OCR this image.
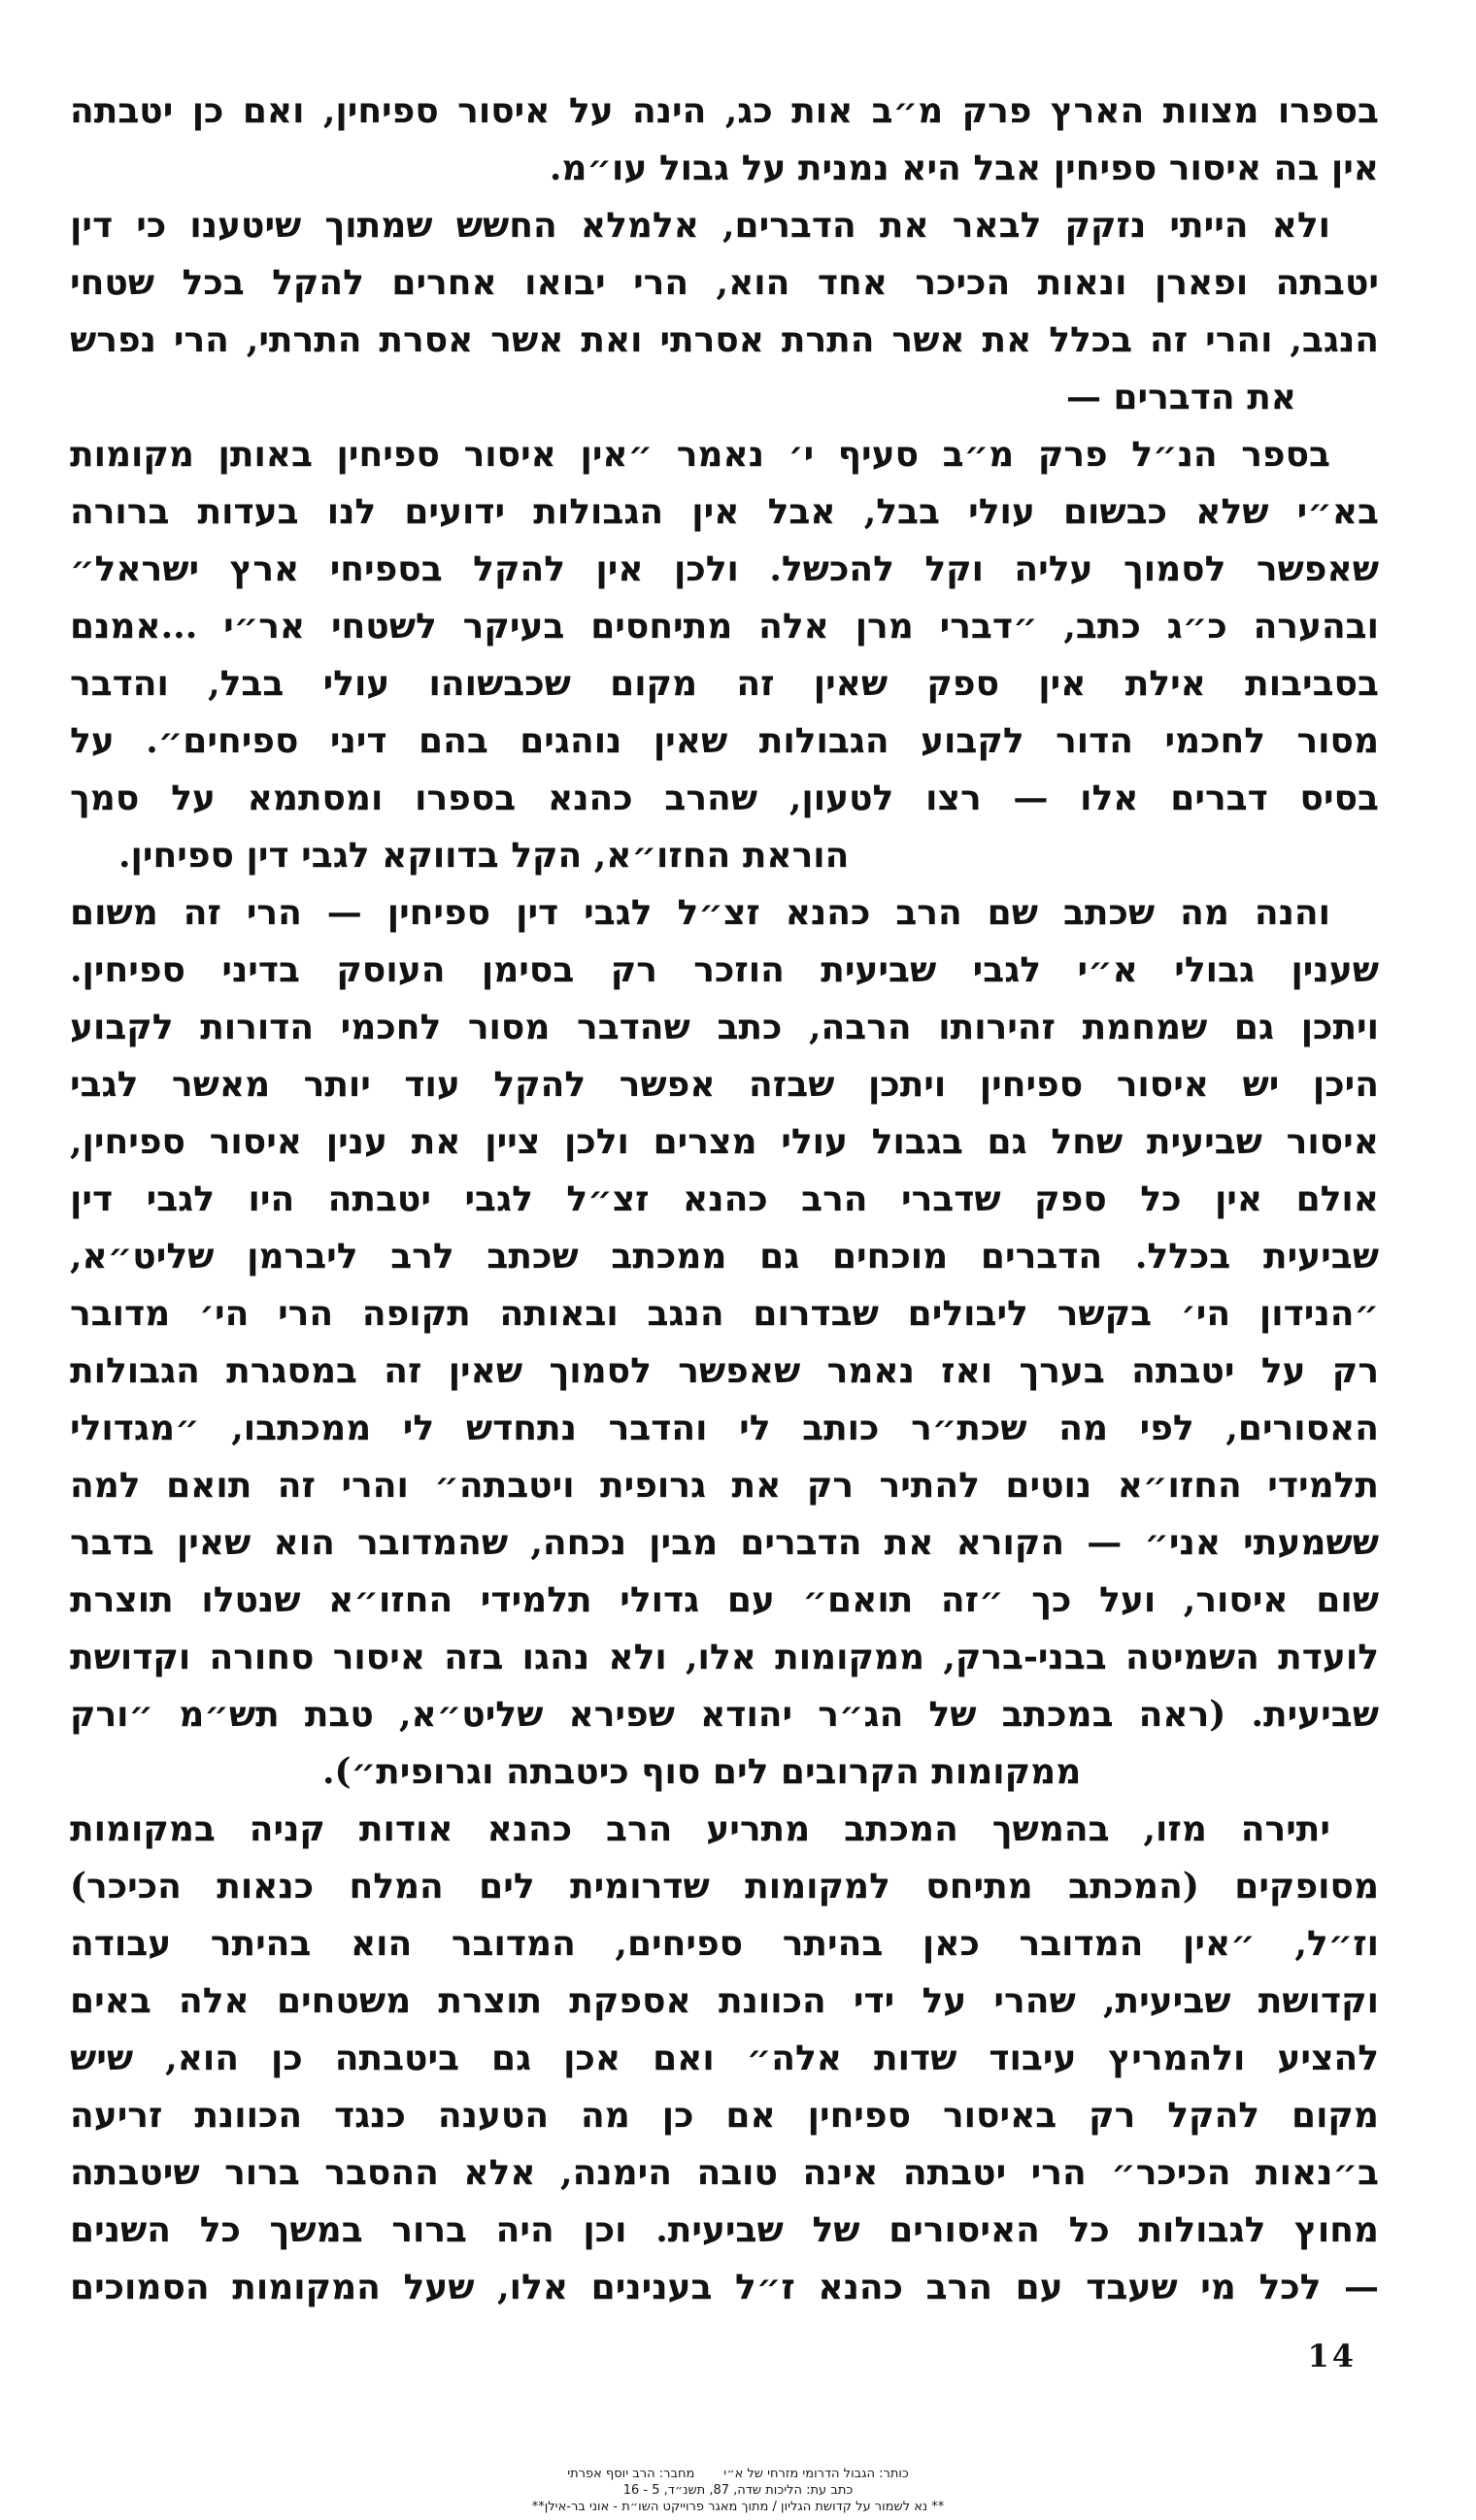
בספרו מצוות הארץ פרק מ״ב אות כג, הינה על איסור ספיחין, ואם כן יטבתה
אין בה איסור ספיחין אבל היא נמנית על גבול עו״מ.
ולא הייתי נזקק לבאר את הדברים, אלמלא החשש שמתוך שיטענו כי דין
יטבתה ופארן ונאות הכיכר אחד הוא, הרי יבואו אחרים להקל בכל שטחי
הנגב, והרי זה בכלל את אשר התרת אסרתי ואת אשר אסרת התרתי, הרי נפרש
את הדברים —
בספר הנ״ל פרק מ״ב סעיף י׳ נאמר ״אין איסור ספיחין באותן מקומות
בא״י שלא כבשום עולי בבל, אבל אין הגבולות ידועים לנו בעדות ברורה
שאפשר לסמוך עליה וקל להכשל. ולכן אין להקל בספיחי ארץ ישראל״
ובהערה כ״ג כתב, ״דברי מרן אלה מתיחסים בעיקר לשטחי אר״י ...אמנם
בסביבות אילת אין ספק שאין זה מקום שכבשוהו עולי בבל, והדבר
מסור לחכמי הדור לקבוע הגבולות שאין נוהגים בהם דיני ספיחים״. על
בסיס דברים אלו — רצו לטעון, שהרב כהנא בספרו ומסתמא על סמך
הוראת החזו״א, הקל בדווקא לגבי דין ספיחין.
והנה מה שכתב שם הרב כהנא זצ״ל לגבי דין ספיחין — הרי זה משום
שענין גבולי א״י לגבי שביעית הוזכר רק בסימן העוסק בדיני ספיחין.
ויתכן גם שמחמת זהירותו הרבה, כתב שהדבר מסור לחכמי הדורות לקבוע
היכן יש איסור ספיחין ויתכן שבזה אפשר להקל עוד יותר מאשר לגבי
איסור שביעית שחל גם בגבול עולי מצרים ולכן ציין את ענין איסור ספיחין,
אולם אין כל ספק שדברי הרב כהנא זצ״ל לגבי יטבתה היו לגבי דין
שביעית בכלל. הדברים מוכחים גם ממכתב שכתב לרב ליברמן שליט״א,
״הנידון הי׳ בקשר ליבולים שבדרום הנגב ובאותה תקופה הרי הי׳ מדובר
רק על יטבתה בערך ואז נאמר שאפשר לסמוך שאין זה במסגרת הגבולות
האסורים, לפי מה שכת״ר כותב לי והדבר נתחדש לי ממכתבו, ״מגדולי
תלמידי החזו״א נוטים להתיר רק את גרופית ויטבתה״ והרי זה תואם למה
ששמעתי אני״ — הקורא את הדברים מבין נכחה, שהמדובר הוא שאין בדבר
שום איסור, ועל כך ״זה תואם״ עם גדולי תלמידי החזו״א שנטלו תוצרת
לועדת השמיטה בבני-ברק, ממקומות אלו, ולא נהגו בזה איסור סחורה וקדושת
שביעית. (ראה במכתב של הג״ר יהודא שפירא שליט״א, טבת תש״מ ״ורק
ממקומות הקרובים לים סוף כיטבתה וגרופית״).
יתירה מזו, בהמשך המכתב מתריע הרב כהנא אודות קניה במקומות
מסופקים (המכתב מתיחס למקומות שדרומית לים המלח כנאות הכיכר)
וז״ל, ״אין המדובר כאן בהיתר ספיחים, המדובר הוא בהיתר עבודה
וקדושת שביעית, שהרי על ידי הכוונת אספקת תוצרת משטחים אלה באים
להציע ולהמריץ עיבוד שדות אלה״ ואם אכן גם ביטבתה כן הוא, שיש
מקום להקל רק באיסור ספיחין אם כן מה הטענה כנגד הכוונת זריעה
ב״נאות הכיכר״ הרי יטבתה אינה טובה הימנה, אלא ההסבר ברור שיטבתה
מחוץ לגבולות כל האיסורים של שביעית. וכן היה ברור במשך כל השנים
— לכל מי שעבד עם הרב כהנא ז״ל בענינים אלו, שעל המקומות הסמוכים
14
כותר: הגבול הדרומי מזרחי של א״ימחבר: הרב יוסף אפרתי
כתב עת: הליכות שדה, 87, תשנ״ד, 5 - 16
** נא לשמור על קדושת הגליון / מתוך מאגר פרוייקט השו״ת - אוני בר-אילן**
